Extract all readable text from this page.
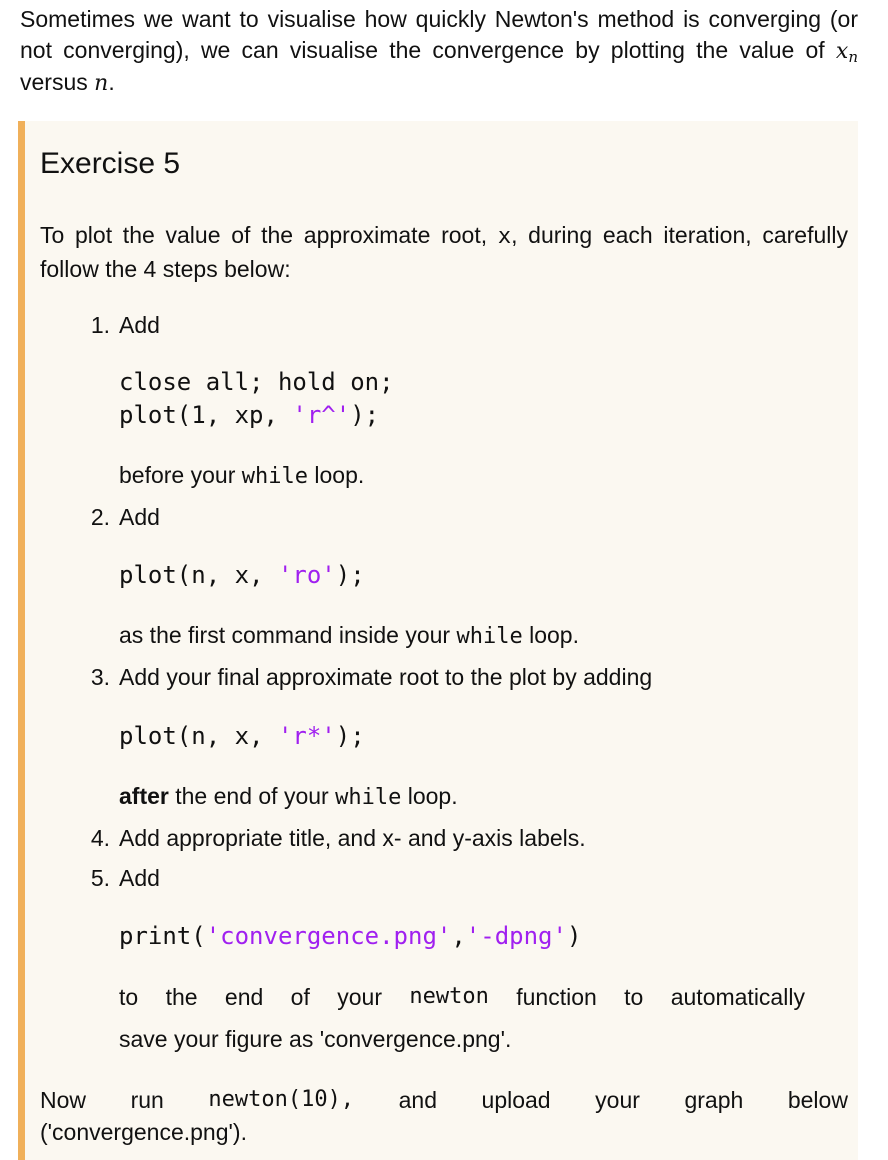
Sometimes we want to visualise how quickly Newton's method is converging (or not converging), we can visualise the convergence by plotting the value of $x_n$ versus n.
Exercise 5
To plot the value of the approximate root, x, during each iteration, carefully follow the 4 steps below:
1. Add
close all; hold on;
plot(1, xp, 'r^');
before your while loop.
2. Add
plot(n, x, 'ro');
as the first command inside your while loop.
3. Add your final approximate root to the plot by adding
plot(n, x, 'r*');
after the end of your while loop.
4. Add appropriate title, and x- and y-axis labels.
5. Add
print('convergence.png','-dpng')
to the end of your newton function to automatically
save your figure as 'convergence.png'.
Now run newton(10), and upload your graph below
('convergence.png').
